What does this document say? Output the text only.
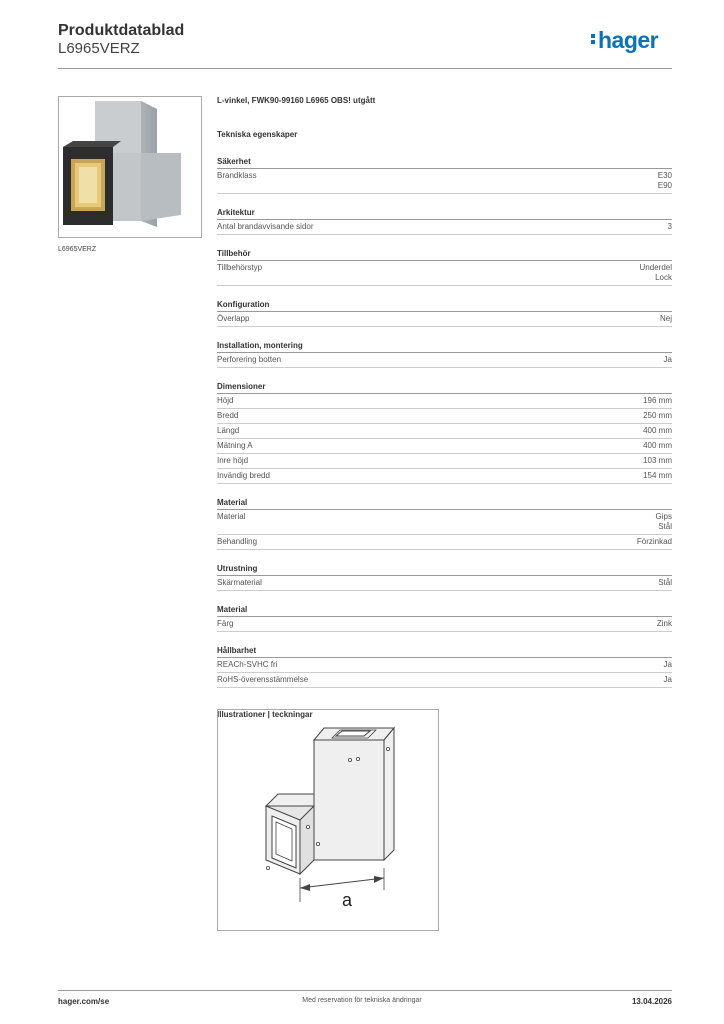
Produktdatablad
L6965VERZ	hager
L6965VERZ
L-vinkel, FWK90-99160 L6965 OBS! utgått
Tekniska egenskaper
Säkerhet
Brandklass	E30
E90
Arkitektur
Antal brandavvisande sidor	3
Tillbehör
Tillbehörstyp	Underdel
Lock
Konfiguration
Överlapp	Nej
Installation, montering
Perforering botten	Ja
Dimensioner
Höjd	196 mm
Bredd	250 mm
Längd	400 mm
Mätning A	400 mm
Inre höjd	103 mm
Invändig bredd	154 mm
Material
Material	Gips
Stål
Behandling	Förzinkad
Utrustning
Skärmaterial	Stål
Material
Färg	Zink
Hållbarhet
REACh-SVHC fri	Ja
RoHS-överensstämmelse	Ja
Illustrationer | teckningar
a
hager.com/se	Med reservation för tekniska ändringar	13.04.2026
